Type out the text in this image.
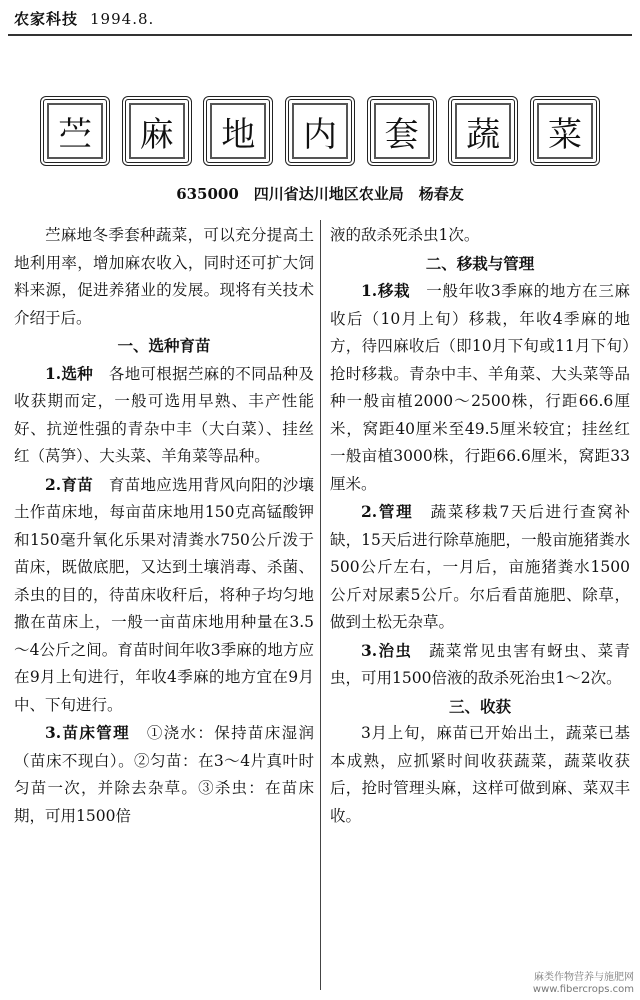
农家科技 1994.8.
苎	麻	地	内	套	蔬	菜
635000　四川省达川地区农业局　杨春友

苎麻地冬季套种蔬菜，可以充分提高土地利用率，增加麻农收入，同时还可扩大饲料来源，促进养猪业的发展。现将有关技术介绍于后。

一、选种育苗

1.选种　 各地可根据苎麻的不同品种及收获期而定，一般可选用早熟、丰产性能好、抗逆性强的青杂中丰（大白菜）、挂丝红（莴笋）、大头菜、羊角菜等品种。

2.育苗　 育苗地应选用背风向阳的沙壤土作苗床地，每亩苗床地用150克高锰酸钾和150毫升氧化乐果对清粪水750公斤泼于苗床，既做底肥，又达到土壤消毒、杀菌、杀虫的目的，待苗床收秆后，将种子均匀地撒在苗床上，一般一亩苗床地用种量在3.5～4公斤之间。育苗时间年收3季麻的地方应在9月上旬进行，年收4季麻的地方宜在9月中、下旬进行。

3.苗床管理　 ①浇水：保持苗床湿润（苗床不现白）。②匀苗：在3～4片真叶时匀苗一次，并除去杂草。③杀虫：在苗床期，可用1500倍

液的敌杀死杀虫1次。
二、移栽与管理

1.移栽　 一般年收3季麻的地方在三麻收后（10月上旬）移栽，年收4季麻的地方，待四麻收后（即10月下旬或11月下旬）抢时移栽。青杂中丰、羊角菜、大头菜等品种一般亩植2000～2500株，行距66.6厘米，窝距40厘米至49.5厘米较宜；挂丝红一般亩植3000株，行距66.6厘米，窝距33厘米。

2.管理　 蔬菜移栽7天后进行查窝补缺，15天后进行除草施肥，一般亩施猪粪水500公斤左右，一月后，亩施猪粪水1500公斤对尿素5公斤。尔后看苗施肥、除草，做到土松无杂草。

3.治虫　 蔬菜常见虫害有蚜虫、菜青虫，可用1500倍液的敌杀死治虫1～2次。

三、收获

3月上旬，麻苗已开始出土，蔬菜已基本成熟，应抓紧时间收获蔬菜，蔬菜收获后，抢时管理头麻，这样可做到麻、菜双丰收。

麻类作物营养与施肥网
www.fibercrops.com
